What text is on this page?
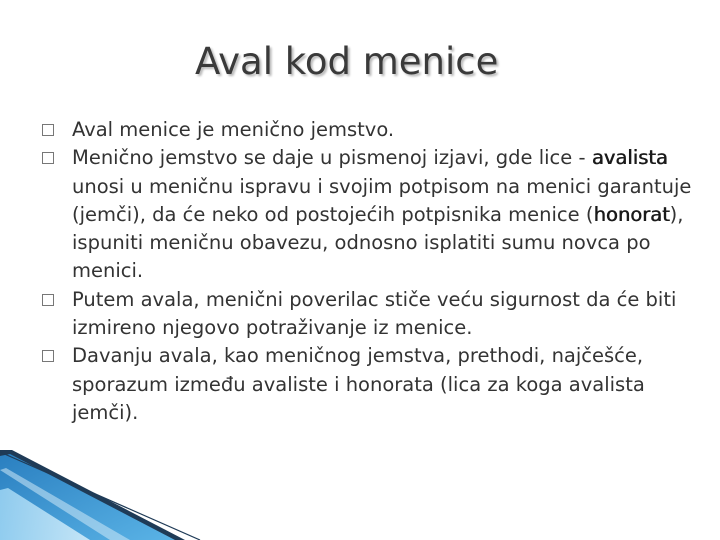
Aval kod menice
Aval menice je menično jemstvo.
Menično jemstvo se daje u pismenoj izjavi, gde lice - avalista unosi u meničnu ispravu i svojim potpisom na menici garantuje (jemči), da će neko od postojećih potpisnika menice (honorat), ispuniti meničnu obavezu, odnosno isplatiti sumu novca po menici.
Putem avala, menični poverilac stiče veću sigurnost da će biti izmireno njegovo potraživanje iz menice.
Davanju avala, kao meničnog jemstva, prethodi, najčešće, sporazum između avaliste i honorata (lica za koga avalista jemči).
